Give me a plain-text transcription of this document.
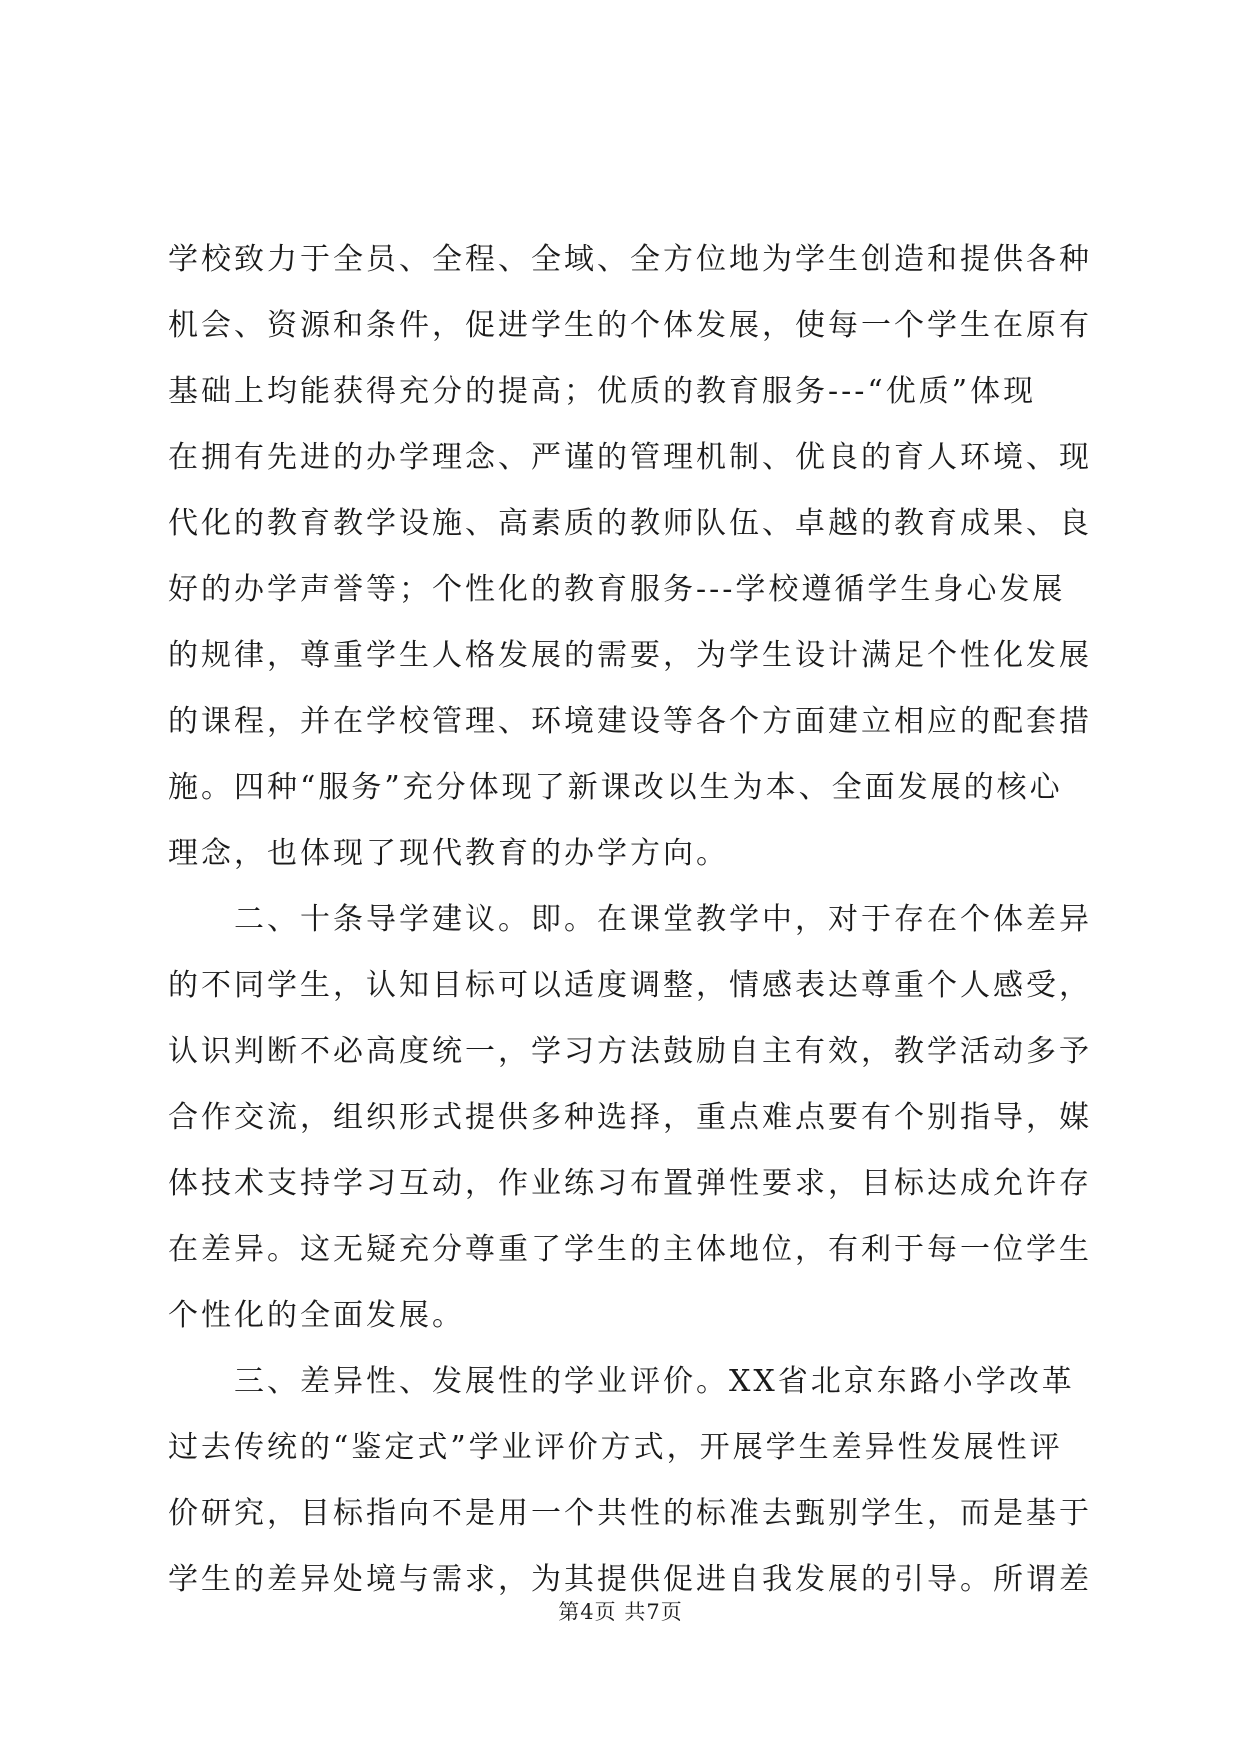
学校致力于全员、全程、全域、全方位地为学生创造和提供各种
机会、资源和条件，促进学生的个体发展，使每一个学生在原有
基础上均能获得充分的提高；优质的教育服务---“优质”体现
在拥有先进的办学理念、严谨的管理机制、优良的育人环境、现
代化的教育教学设施、高素质的教师队伍、卓越的教育成果、良
好的办学声誉等；个性化的教育服务---学校遵循学生身心发展
的规律，尊重学生人格发展的需要，为学生设计满足个性化发展
的课程，并在学校管理、环境建设等各个方面建立相应的配套措
施。四种“服务”充分体现了新课改以生为本、全面发展的核心
理念，也体现了现代教育的办学方向。
　　二、十条导学建议。即。在课堂教学中，对于存在个体差异
的不同学生，认知目标可以适度调整，情感表达尊重个人感受，
认识判断不必高度统一，学习方法鼓励自主有效，教学活动多予
合作交流，组织形式提供多种选择，重点难点要有个别指导，媒
体技术支持学习互动，作业练习布置弹性要求，目标达成允许存
在差异。这无疑充分尊重了学生的主体地位，有利于每一位学生
个性化的全面发展。
　　三、差异性、发展性的学业评价。XX省北京东路小学改革
过去传统的“鉴定式”学业评价方式，开展学生差异性发展性评
价研究，目标指向不是用一个共性的标准去甄别学生，而是基于
学生的差异处境与需求，为其提供促进自我发展的引导。所谓差
第4页 共7页
